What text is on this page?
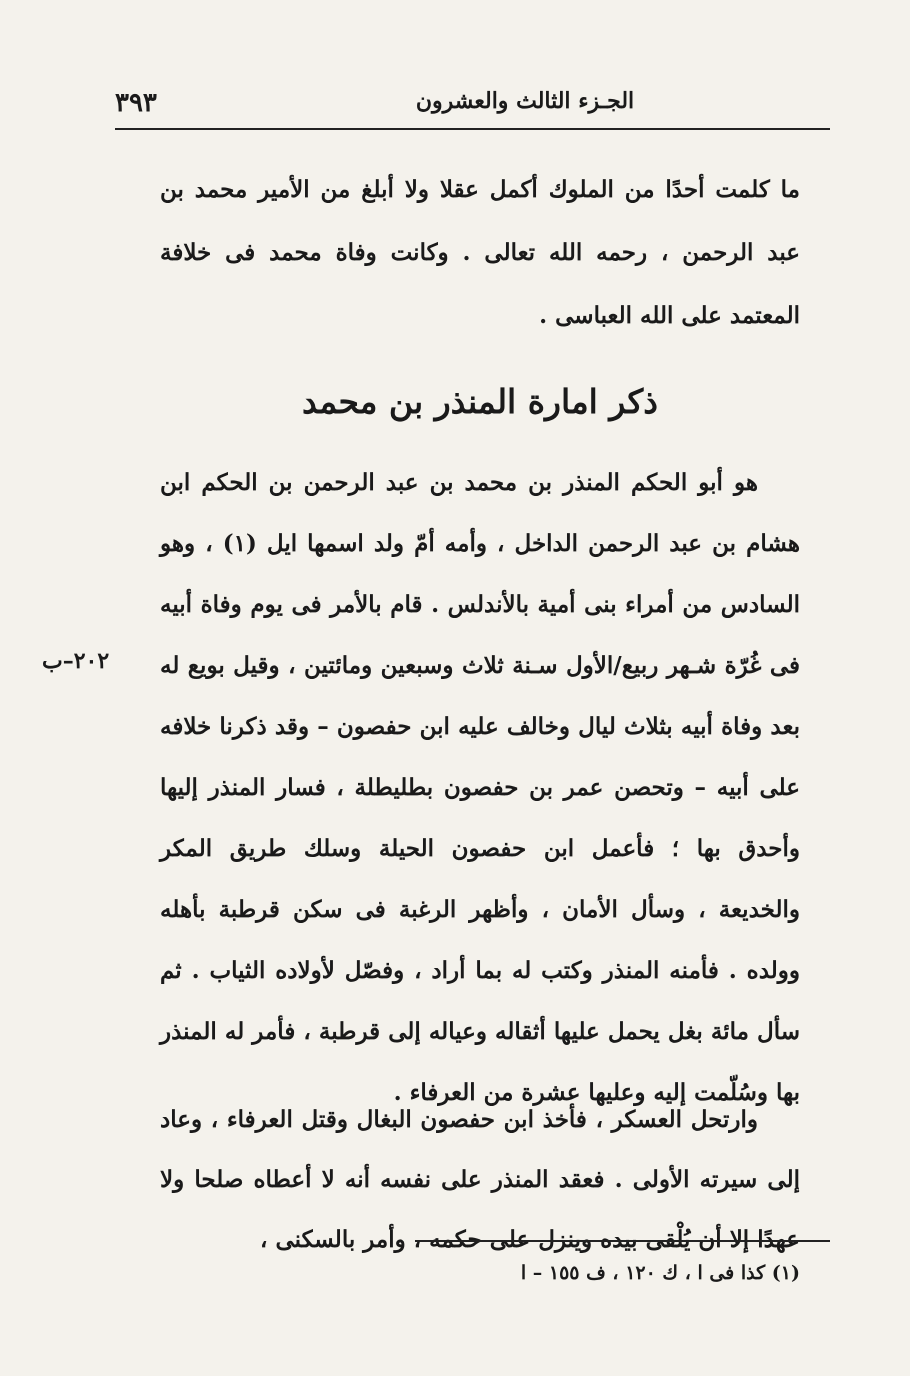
الجـزء الثالث والعشرون
٣٩٣

ما كلمت أحدًا من الملوك أكمل عقلا ولا أبلغ من الأمير محمد بن عبد الرحمن ، رحمه الله تعالى . وكانت وفاة محمد فى خلافة المعتمد على الله العباسى .

ذكر امارة المنذر بن محمد

هو أبو الحكم المنذر بن محمد بن عبد الرحمن بن الحكم ابن هشام بن عبد الرحمن الداخل ، وأمه أمّ ولد اسمها ايل (١) ، وهو السادس من أمراء بنى أمية بالأندلس . قام بالأمر فى يوم وفاة أبيه فى غُرّة شـهر ربيع/الأول سـنة ثلاث وسبعين ومائتين ، وقيل بويع له بعد وفاة أبيه بثلاث ليال وخالف عليه ابن حفصون – وقد ذكرنا خلافه على أبيه – وتحصن عمر بن حفصون بطليطلة ، فسار المنذر إليها وأحدق بها ؛ فأعمل ابن حفصون الحيلة وسلك طريق المكر والخديعة ، وسأل الأمان ، وأظهر الرغبة فى سكن قرطبة بأهله وولده . فأمنه المنذر وكتب له بما أراد ، وفصّل لأولاده الثياب . ثم سأل مائة بغل يحمل عليها أثقاله وعياله إلى قرطبة ، فأمر له المنذر بها وسُلّمت إليه وعليها عشرة من العرفاء .

٢٠٢–ب

وارتحل العسكر ، فأخذ ابن حفصون البغال وقتل العرفاء ، وعاد إلى سيرته الأولى . فعقد المنذر على نفسه أنه لا أعطاه صلحا ولا عهدًا إلا أن يُلْقى بيده وينزل على حكمه ، وأمر بالسكنى ،

(١) كذا فى ا ، ك ١٢٠ ، ف ١٥٥ – ا
